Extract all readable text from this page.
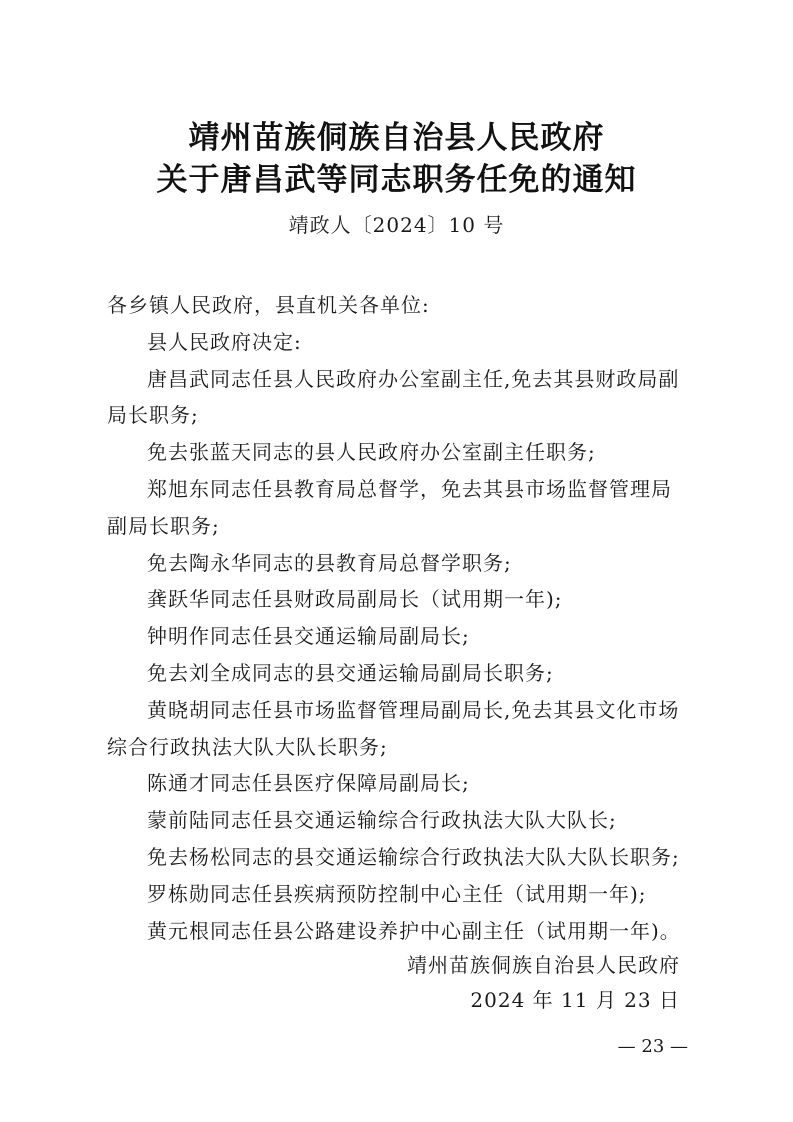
靖州苗族侗族自治县人民政府
关于唐昌武等同志职务任免的通知
靖政人〔2024〕10 号

各乡镇人民政府，县直机关各单位:

县人民政府决定:

唐昌武同志任县人民政府办公室副主任,免去其县财政局副局长职务;

免去张蓝天同志的县人民政府办公室副主任职务;

郑旭东同志任县教育局总督学，免去其县市场监督管理局副局长职务;

免去陶永华同志的县教育局总督学职务;

龚跃华同志任县财政局副局长（试用期一年);

钟明作同志任县交通运输局副局长;

免去刘全成同志的县交通运输局副局长职务;

黄晓胡同志任县市场监督管理局副局长,免去其县文化市场综合行政执法大队大队长职务;

陈通才同志任县医疗保障局副局长;

蒙前陆同志任县交通运输综合行政执法大队大队长;

免去杨松同志的县交通运输综合行政执法大队大队长职务;

罗栋勋同志任县疾病预防控制中心主任（试用期一年);

黄元根同志任县公路建设养护中心副主任（试用期一年)。

靖州苗族侗族自治县人民政府
2024 年 11 月 23 日
— 23 —
